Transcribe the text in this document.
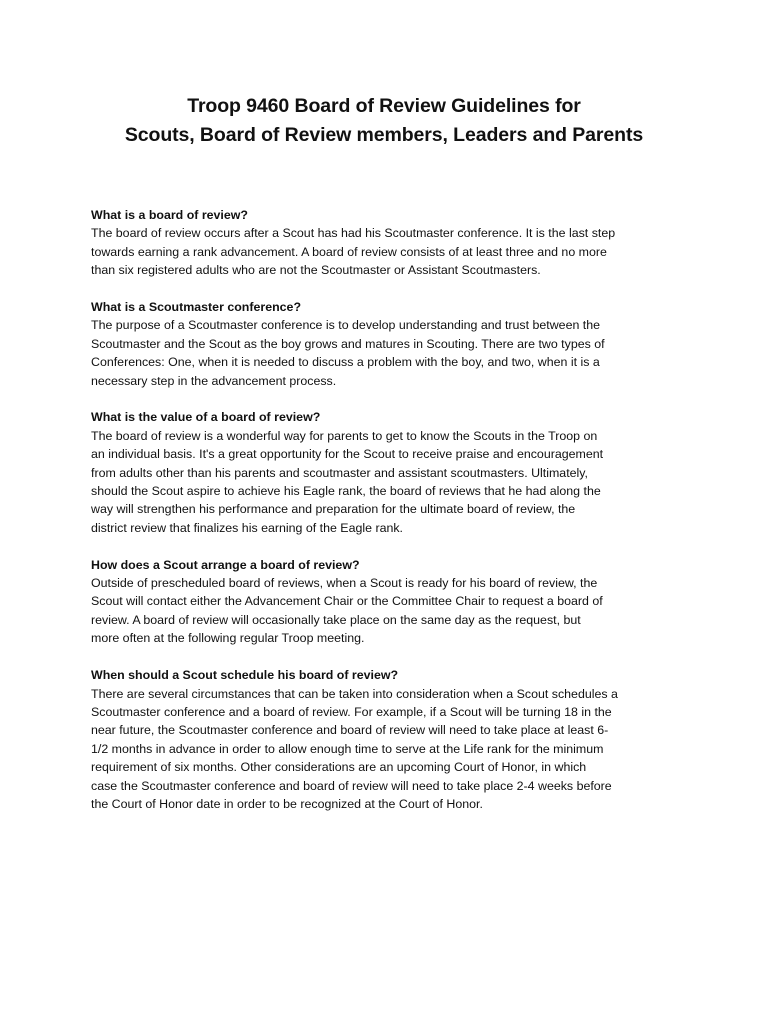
Troop 9460 Board of Review Guidelines for
Scouts, Board of Review members, Leaders and Parents
What is a board of review?
The board of review occurs after a Scout has had his Scoutmaster conference. It is the last step
towards earning a rank advancement. A board of review consists of at least three and no more
than six registered adults who are not the Scoutmaster or Assistant Scoutmasters.
What is a Scoutmaster conference?
The purpose of a Scoutmaster conference is to develop understanding and trust between the
Scoutmaster and the Scout as the boy grows and matures in Scouting. There are two types of
Conferences: One, when it is needed to discuss a problem with the boy, and two, when it is a
necessary step in the advancement process.
What is the value of a board of review?
The board of review is a wonderful way for parents to get to know the Scouts in the Troop on
an individual basis. It's a great opportunity for the Scout to receive praise and encouragement
from adults other than his parents and scoutmaster and assistant scoutmasters. Ultimately,
should the Scout aspire to achieve his Eagle rank, the board of reviews that he had along the
way will strengthen his performance and preparation for the ultimate board of review, the
district review that finalizes his earning of the Eagle rank.
How does a Scout arrange a board of review?
Outside of prescheduled board of reviews, when a Scout is ready for his board of review, the
Scout will contact either the Advancement Chair or the Committee Chair to request a board of
review. A board of review will occasionally take place on the same day as the request, but
more often at the following regular Troop meeting.
When should a Scout schedule his board of review?
There are several circumstances that can be taken into consideration when a Scout schedules a
Scoutmaster conference and a board of review. For example, if a Scout will be turning 18 in the
near future, the Scoutmaster conference and board of review will need to take place at least 6-
1/2 months in advance in order to allow enough time to serve at the Life rank for the minimum
requirement of six months. Other considerations are an upcoming Court of Honor, in which
case the Scoutmaster conference and board of review will need to take place 2-4 weeks before
the Court of Honor date in order to be recognized at the Court of Honor.
